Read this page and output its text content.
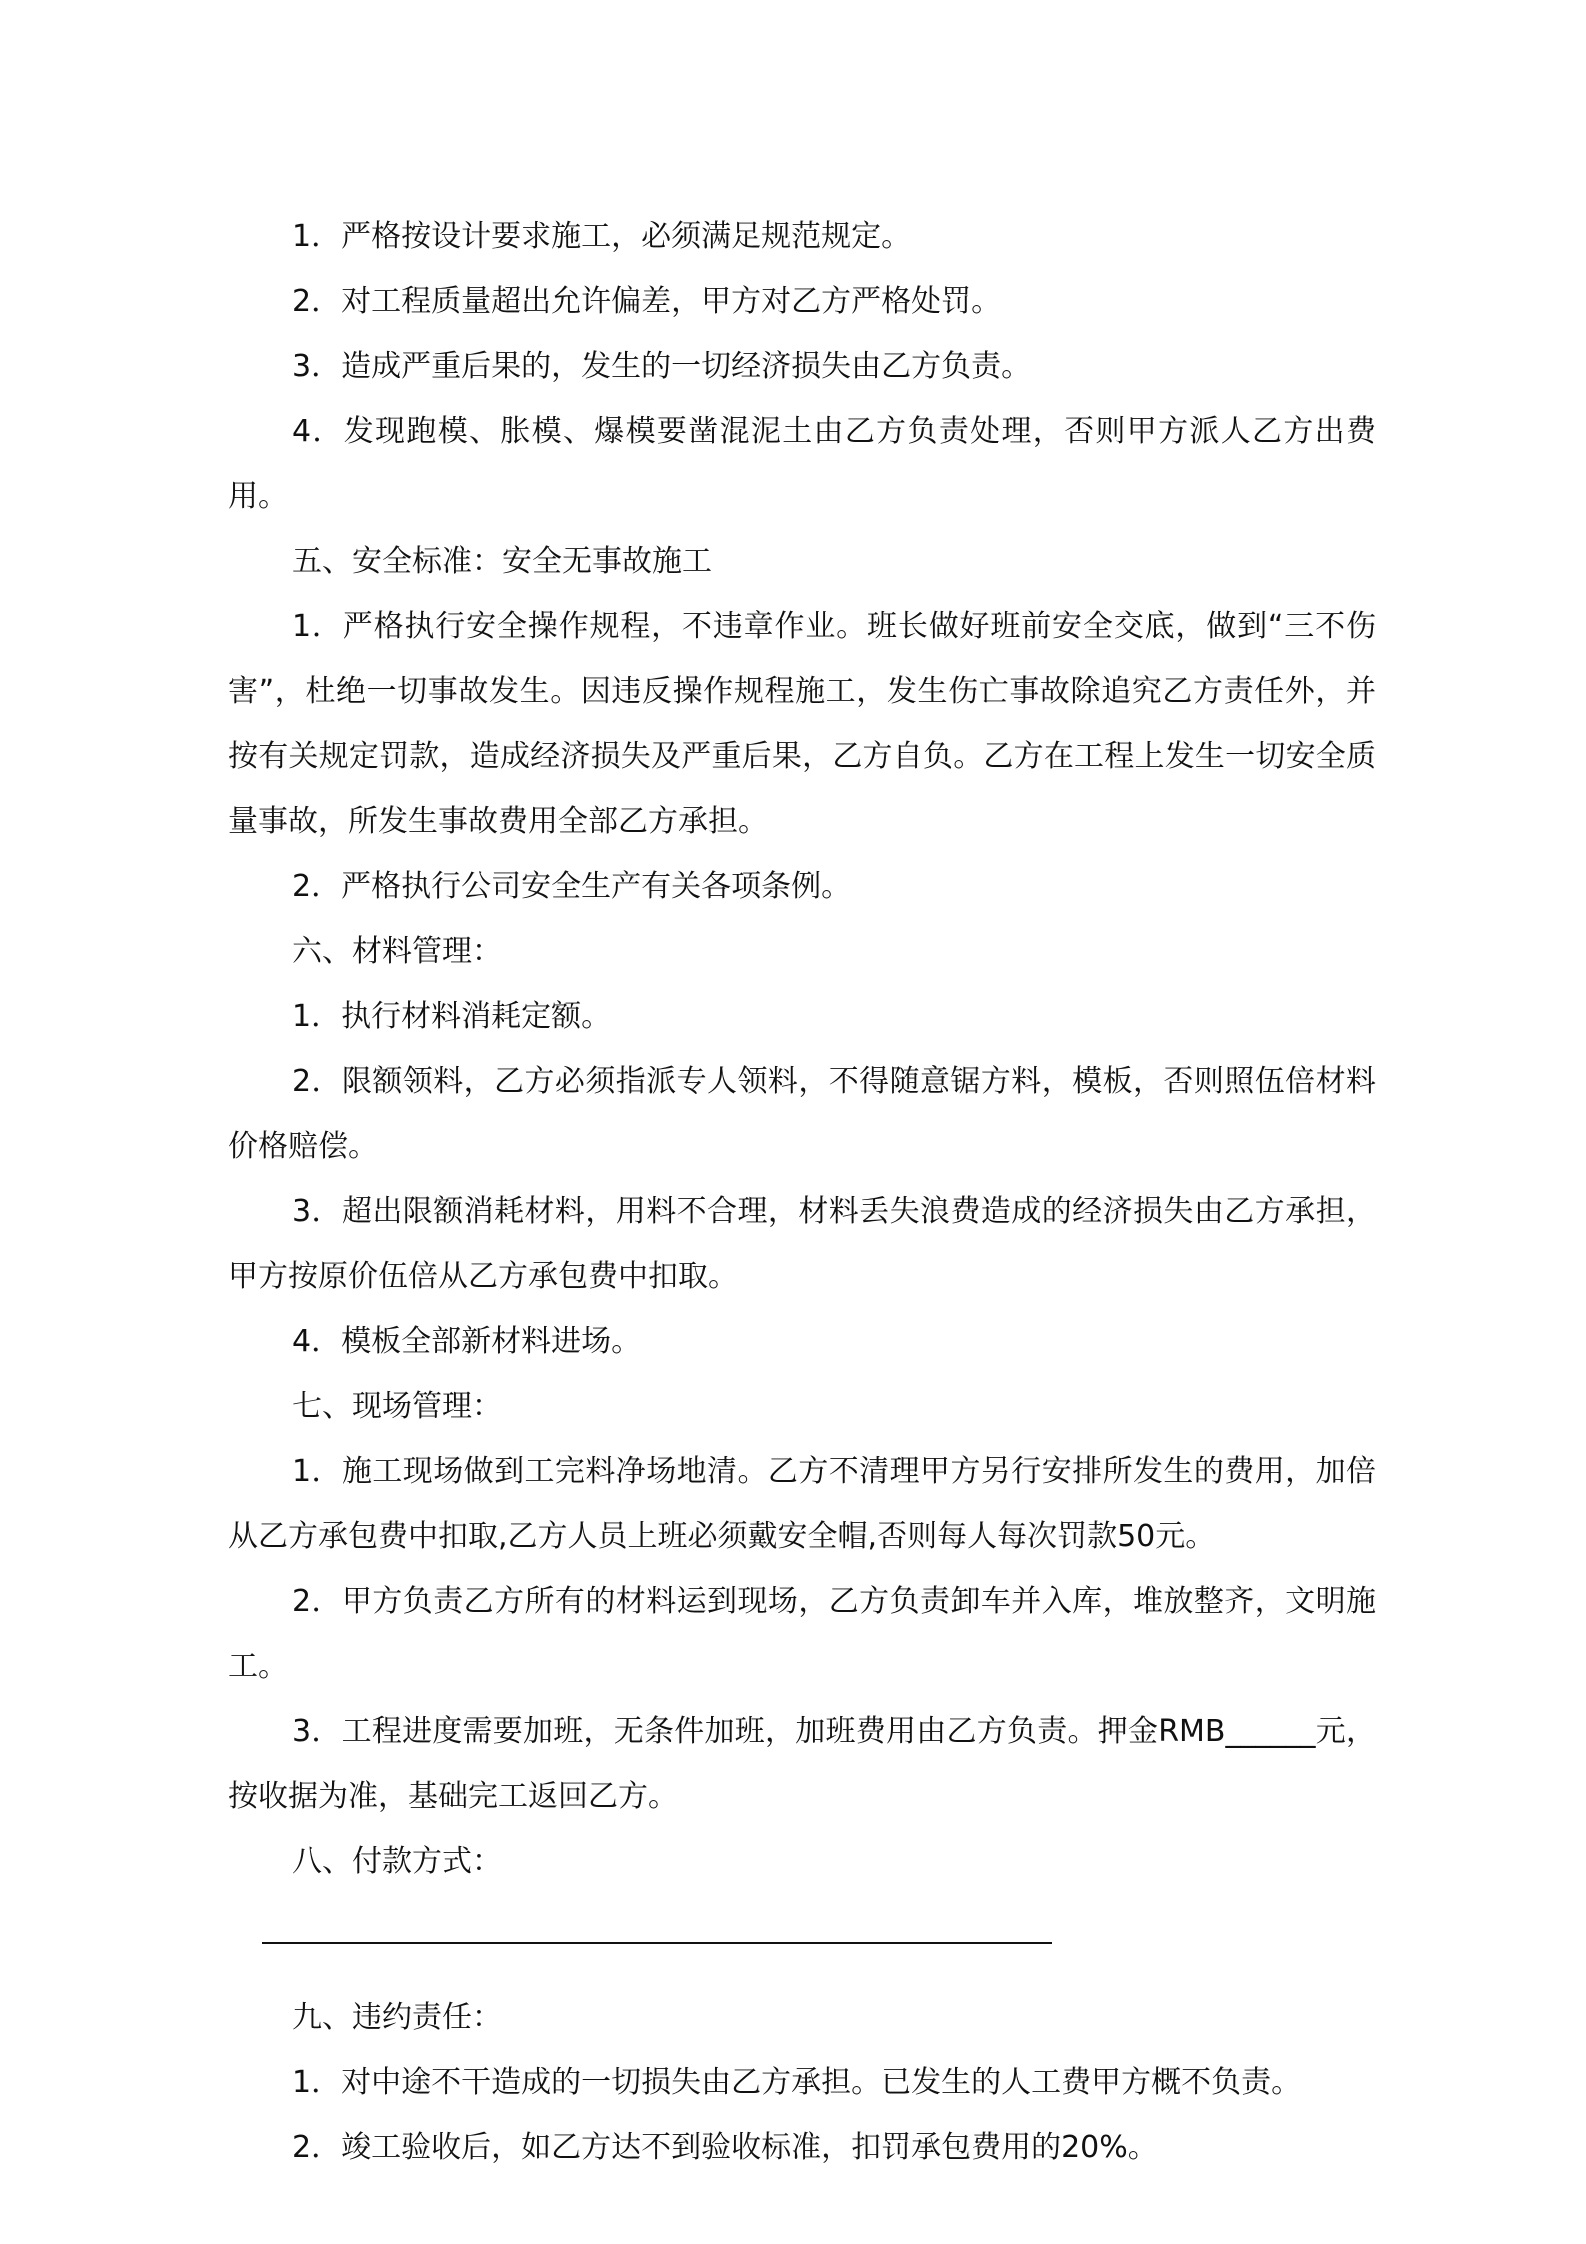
1．严格按设计要求施工，必须满足规范规定。

2．对工程质量超出允许偏差，甲方对乙方严格处罚。

3．造成严重后果的，发生的一切经济损失由乙方负责。

4．发现跑模、胀模、爆模要凿混泥土由乙方负责处理，否则甲方派人乙方出费用。

五、安全标准：安全无事故施工

1．严格执行安全操作规程，不违章作业。班长做好班前安全交底，做到“三不伤害”，杜绝一切事故发生。因违反操作规程施工，发生伤亡事故除追究乙方责任外，并按有关规定罚款，造成经济损失及严重后果，乙方自负。乙方在工程上发生一切安全质量事故，所发生事故费用全部乙方承担。

2．严格执行公司安全生产有关各项条例。

六、材料管理：

1．执行材料消耗定额。

2．限额领料，乙方必须指派专人领料，不得随意锯方料，模板，否则照伍倍材料价格赔偿。

3．超出限额消耗材料，用料不合理，材料丢失浪费造成的经济损失由乙方承担，甲方按原价伍倍从乙方承包费中扣取。

4．模板全部新材料进场。

七、现场管理：

1．施工现场做到工完料净场地清。乙方不清理甲方另行安排所发生的费用，加倍从乙方承包费中扣取,乙方人员上班必须戴安全帽,否则每人每次罚款50元。

2．甲方负责乙方所有的材料运到现场，乙方负责卸车并入库，堆放整齐，文明施工。

3．工程进度需要加班，无条件加班，加班费用由乙方负责。押金RMB______元，按收据为准，基础完工返回乙方。

八、付款方式：

九、违约责任：

1．对中途不干造成的一切损失由乙方承担。已发生的人工费甲方概不负责。

2．竣工验收后，如乙方达不到验收标准，扣罚承包费用的20%。
